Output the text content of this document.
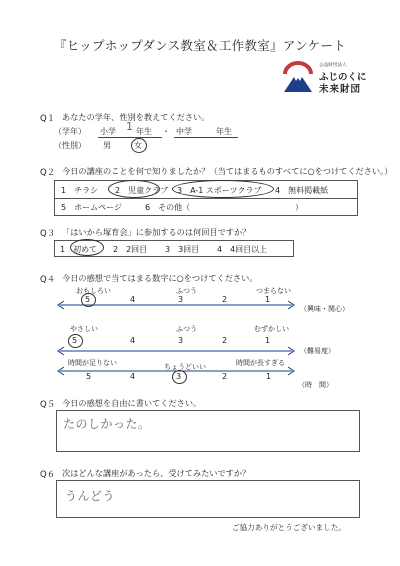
『ヒップホップダンス教室＆工作教室』アンケート
公益財団法人
ふじのくに
未来財団
Q１ あなたの学年、性別を教えてください。
（学年） 小学 1 年生 ・ 中学	年生
（性別） 男	女
Q２ 今日の講座のことを何で知りましたか？（当てはまるものすべてに○をつけてください。）
1　チラシ 2　児童クラブ 3　A-1 スポーツクラブ 4　無料掲載紙
5　ホームページ	6　その他（	）
Q３ 「はいから塚育会」に参加するのは何回目ですか？
1　初めて 2　2回目 3　3回目 4　4回目以上
Q４ 今日の感想で当てはまる数字に○をつけてください。
おもしろい	ふつう	つまらない
5	4	3	2	1
（興味・関心）
やさしい	ふつう	むずかしい
5	4	3	2	1
（難易度）
時間が足りない	ちょうどいい	時間が長すぎる
5	4	3	2	1
（時　間）
Q５ 今日の感想を自由に書いてください。
たのしかった。
Q６ 次はどんな講座があったら、受けてみたいですか？
うんどう
ご協力ありがとうございました。
